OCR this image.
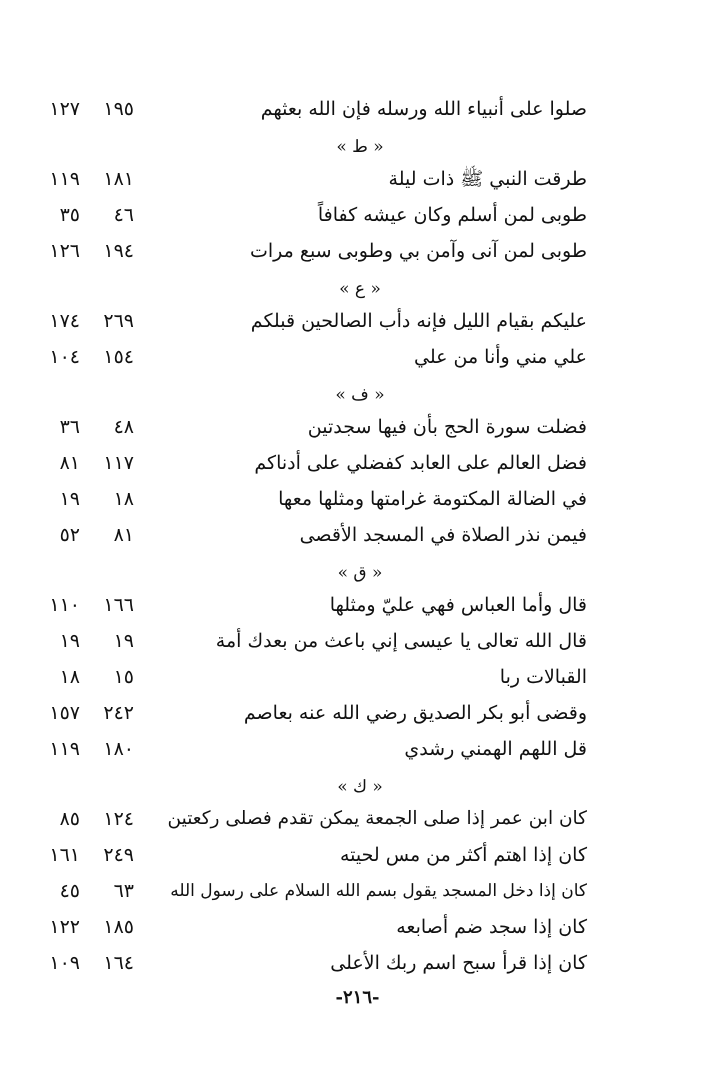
صلوا على أنبياء الله ورسله فإن الله بعثهم
١٩٥
١٢٧
« ط »
طرقت النبي ﷺ ذات ليلة
١٨١
١١٩
طوبى لمن أسلم وكان عيشه كفافاً
٤٦
٣٥
طوبى لمن آنى وآمن بي وطوبى سبع مرات
١٩٤
١٢٦
« ع »
عليكم بقيام الليل فإنه دأب الصالحين قبلكم
٢٦٩
١٧٤
علي مني وأنا من علي
١٥٤
١٠٤
« ف »
فضلت سورة الحج بأن فيها سجدتين
٤٨
٣٦
فضل العالم على العابد كفضلي على أدناكم
١١٧
٨١
في الضالة المكتومة غرامتها ومثلها معها
١٨
١٩
فيمن نذر الصلاة في المسجد الأقصى
٨١
٥٢
« ق »
قال وأما العباس فهي عليّ ومثلها
١٦٦
١١٠
قال الله تعالى يا عيسى إني باعث من بعدك أمة
١٩
١٩
القبالات ربا
١٥
١٨
وقضى أبو بكر الصديق رضي الله عنه بعاصم
٢٤٢
١٥٧
قل اللهم الهمني رشدي
١٨٠
١١٩
« ك »
كان ابن عمر إذا صلى الجمعة يمكن تقدم فصلى ركعتين
١٢٤
٨٥
كان إذا اهتم أكثر من مس لحيته
٢٤٩
١٦١
كان إذا دخل المسجد يقول بسم الله السلام على رسول الله
٦٣
٤٥
كان إذا سجد ضم أصابعه
١٨٥
١٢٢
كان إذا قرأ سبح اسم ربك الأعلى
١٦٤
١٠٩
-٢١٦-
